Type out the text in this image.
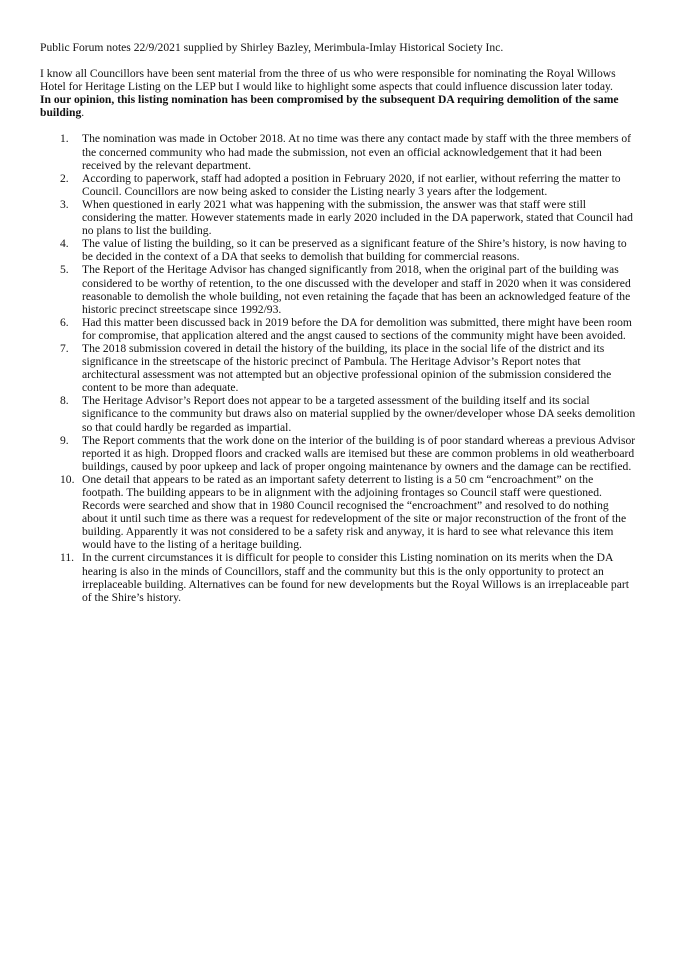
Public Forum notes 22/9/2021 supplied by Shirley Bazley, Merimbula-Imlay Historical Society Inc.

I know all Councillors have been sent material from the three of us who were responsible for nominating the Royal Willows Hotel for Heritage Listing on the LEP but I would like to highlight some aspects that could influence discussion later today.

In our opinion, this listing nomination has been compromised by the subsequent DA requiring demolition of the same building.

1.	The nomination was made in October 2018. At no time was there any contact made by staff with the three members of the concerned community who had made the submission, not even an official acknowledgement that it had been received by the relevant department.
2.	According to paperwork, staff had adopted a position in February 2020, if not earlier, without referring the matter to Council. Councillors are now being asked to consider the Listing nearly 3 years after the lodgement.
3.	When questioned in early 2021 what was happening with the submission, the answer was that staff were still considering the matter. However statements made in early 2020 included in the DA paperwork, stated that Council had no plans to list the building.
4.	The value of listing the building, so it can be preserved as a significant feature of the Shire’s history, is now having to be decided in the context of a DA that seeks to demolish that building for commercial reasons.
5.	The Report of the Heritage Advisor has changed significantly from 2018, when the original part of the building was considered to be worthy of retention, to the one discussed with the developer and staff in 2020 when it was considered reasonable to demolish the whole building, not even retaining the façade that has been an acknowledged feature of the historic precinct streetscape since 1992/93.
6.	Had this matter been discussed back in 2019 before the DA for demolition was submitted, there might have been room for compromise, that application altered and the angst caused to sections of the community might have been avoided.
7.	The 2018 submission covered in detail the history of the building, its place in the social life of the district and its significance in the streetscape of the historic precinct of Pambula. The Heritage Advisor’s Report notes that architectural assessment was not attempted but an objective professional opinion of the submission considered the content to be more than adequate.
8.	The Heritage Advisor’s Report does not appear to be a targeted assessment of the building itself and its social significance to the community but draws also on material supplied by the owner/developer whose DA seeks demolition so that could hardly be regarded as impartial.
9.	The Report comments that the work done on the interior of the building is of poor standard whereas a previous Advisor reported it as high. Dropped floors and cracked walls are itemised but these are common problems in old weatherboard buildings, caused by poor upkeep and lack of proper ongoing maintenance by owners and the damage can be rectified.
10. One detail that appears to be rated as an important safety deterrent to listing is a 50 cm “encroachment” on the footpath. The building appears to be in alignment with the adjoining frontages so Council staff were questioned. Records were searched and show that in 1980 Council recognised the “encroachment” and resolved to do nothing about it until such time as there was a request for redevelopment of the site or major reconstruction of the front of the building. Apparently it was not considered to be a safety risk and anyway, it is hard to see what relevance this item would have to the listing of a heritage building.
11. In the current circumstances it is difficult for people to consider this Listing nomination on its merits when the DA hearing is also in the minds of Councillors, staff and the community but this is the only opportunity to protect an irreplaceable building. Alternatives can be found for new developments but the Royal Willows is an irreplaceable part of the Shire’s history.
